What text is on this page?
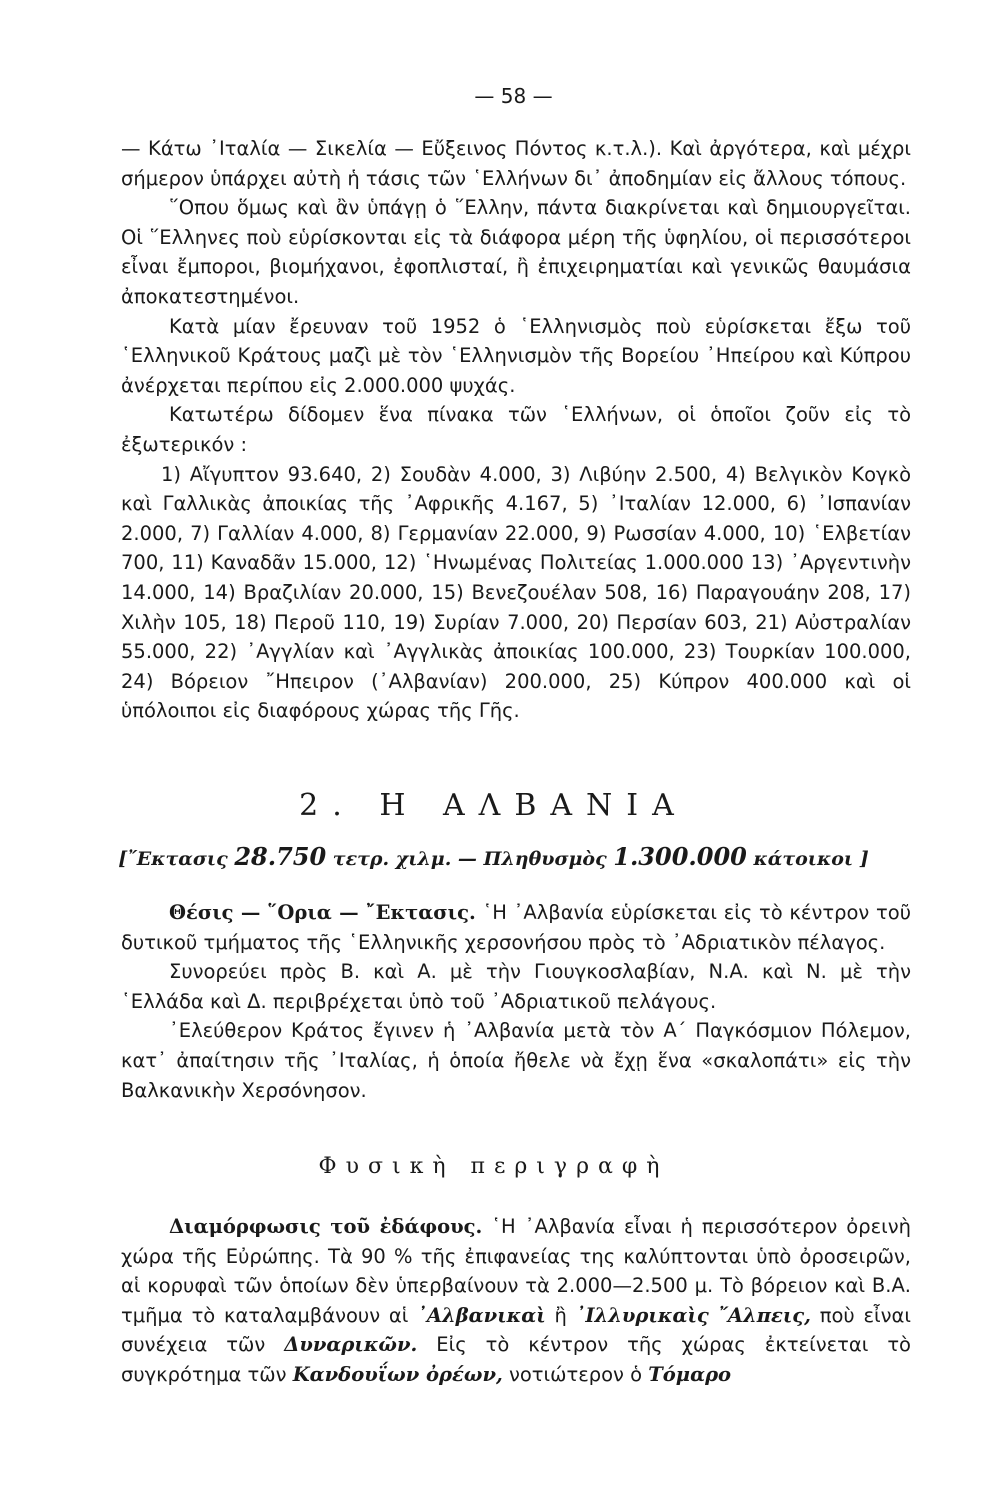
— 58 —

— Κάτω ᾿Ιταλία — Σικελία — Εὔξεινος Πόντος κ.τ.λ.). Καὶ ἀργότερα, καὶ μέχρι σήμερον ὑπάρχει αὐτὴ ἡ τάσις τῶν ῾Ελλήνων δι᾿ ἀποδημίαν εἰς ἄλλους τόπους.

῞Οπου ὅμως καὶ ἂν ὑπάγῃ ὁ ῞Ελλην, πάντα διακρίνεται καὶ δημιουργεῖται. Οἱ ῞Ελληνες ποὺ εὑρίσκονται εἰς τὰ διάφορα μέρη τῆς ὑφηλίου, οἱ περισσότεροι εἶναι ἔμποροι, βιομήχανοι, ἐφοπλισταί, ἢ ἐπιχειρηματίαι καὶ γενικῶς θαυμάσια ἀποκατεστημένοι.

Κατὰ μίαν ἔρευναν τοῦ 1952 ὁ ῾Ελληνισμὸς ποὺ εὑρίσκεται ἔξω τοῦ ῾Ελληνικοῦ Κράτους μαζὶ μὲ τὸν ῾Ελληνισμὸν τῆς Βορείου ᾿Ηπείρου καὶ Κύπρου ἀνέρχεται περίπου εἰς 2.000.000 ψυχάς.

Κατωτέρω δίδομεν ἕνα πίνακα τῶν ῾Ελλήνων, οἱ ὁποῖοι ζοῦν εἰς τὸ ἐξωτερικόν :

1) Αἴγυπτον 93.640, 2) Σουδὰν 4.000, 3) Λιβύην 2.500, 4) Βελγικὸν Κογκὸ καὶ Γαλλικὰς ἀποικίας τῆς ᾿Αφρικῆς 4.167, 5) ᾿Ιταλίαν 12.000, 6) ᾿Ισπανίαν 2.000, 7) Γαλλίαν 4.000, 8) Γερμανίαν 22.000, 9) Ρωσσίαν 4.000, 10) ῾Ελβετίαν 700, 11) Καναδᾶν 15.000, 12) ῾Ηνωμένας Πολιτείας 1.000.000 13) ᾿Αργεντινὴν 14.000, 14) Βραζιλίαν 20.000, 15) Βενεζουέλαν 508, 16) Παραγουάην 208, 17) Χιλὴν 105, 18) Περοῦ 110, 19) Συρίαν 7.000, 20) Περσίαν 603, 21) Αὐστραλίαν 55.000, 22) ᾿Αγγλίαν καὶ ᾿Αγγλικὰς ἀποικίας 100.000, 23) Τουρκίαν 100.000, 24) Βόρειον ῎Ηπειρον (᾿Αλβανίαν) 200.000, 25) Κύπρον 400.000 καὶ οἱ ὑπόλοιποι εἰς διαφόρους χώρας τῆς Γῆς.

2. Η ΑΛΒΑΝΙΑ
[῎Εκτασις 28.750 τετρ. χιλμ. — Πληθυσμὸς 1.300.000 κάτοικοι ]

Θέσις — ῞Ορια — ῎Εκτασις. ῾Η ᾿Αλβανία εὑρίσκεται εἰς τὸ κέντρον τοῦ δυτικοῦ τμήματος τῆς ῾Ελληνικῆς χερσονήσου πρὸς τὸ ᾿Αδριατικὸν πέλαγος.

Συνορεύει πρὸς Β. καὶ Α. μὲ τὴν Γιουγκοσλαβίαν, Ν.Α. καὶ Ν. μὲ τὴν ῾Ελλάδα καὶ Δ. περιβρέχεται ὑπὸ τοῦ ᾿Αδριατικοῦ πελάγους.

᾿Ελεύθερον Κράτος ἔγινεν ἡ ᾿Αλβανία μετὰ τὸν Α΄ Παγκόσμιον Πόλεμον, κατ᾿ ἀπαίτησιν τῆς ᾿Ιταλίας, ἡ ὁποία ἤθελε νὰ ἔχῃ ἕνα «σκαλοπάτι» εἰς τὴν Βαλκανικὴν Χερσόνησον.

Φυσικὴ περιγραφὴ

Διαμόρφωσις τοῦ ἐδάφους. ῾Η ᾿Αλβανία εἶναι ἡ περισσότερον ὀρεινὴ χώρα τῆς Εὐρώπης. Τὰ 90 % τῆς ἐπιφανείας της καλύπτονται ὑπὸ ὀροσειρῶν, αἱ κορυφαὶ τῶν ὁποίων δὲν ὑπερβαίνουν τὰ 2.000—2.500 μ. Τὸ βόρειον καὶ Β.Α. τμῆμα τὸ καταλαμβάνουν αἱ ᾿Αλβανικαὶ ἢ ᾿Ιλλυρικαὶς ῎Αλπεις, ποὺ εἶναι συνέχεια τῶν Δυναρικῶν. Εἰς τὸ κέντρον τῆς χώρας ἐκτείνεται τὸ συγκρότημα τῶν Κανδουΐων ὀρέων, νοτιώτερον ὁ Τόμαρο
